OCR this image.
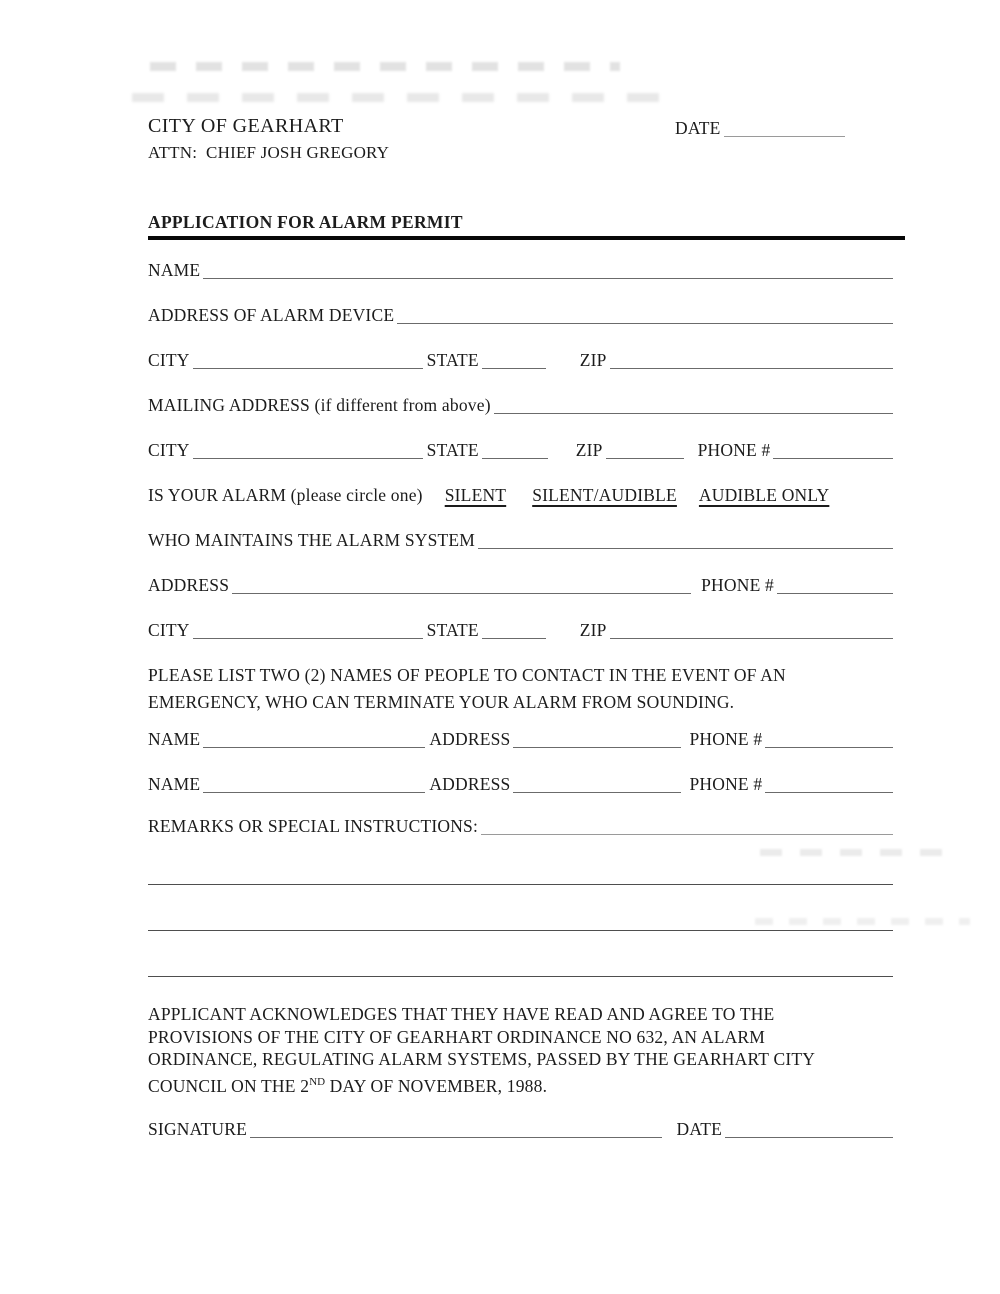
CITY OF GEARHART	DATE
ATTN:  CHIEF JOSH GREGORY
APPLICATION FOR ALARM PERMIT
NAME
ADDRESS OF ALARM DEVICE
CITY	STATE	ZIP
MAILING ADDRESS (if different from above)
CITY	STATE	ZIP	PHONE #
IS YOUR ALARM (please circle one) SILENT SILENT/AUDIBLE AUDIBLE ONLY
WHO MAINTAINS THE ALARM SYSTEM
ADDRESS	PHONE #
CITY	STATE	ZIP
PLEASE LIST TWO (2) NAMES OF PEOPLE TO CONTACT IN THE EVENT OF AN
EMERGENCY, WHO CAN TERMINATE YOUR ALARM FROM SOUNDING.
NAME	ADDRESS	PHONE #
NAME	ADDRESS	PHONE #
REMARKS OR SPECIAL INSTRUCTIONS:
APPLICANT ACKNOWLEDGES THAT THEY HAVE READ AND AGREE TO THE
PROVISIONS OF THE CITY OF GEARHART ORDINANCE NO 632, AN ALARM
ORDINANCE, REGULATING ALARM SYSTEMS, PASSED BY THE GEARHART CITY
COUNCIL ON THE 2ND DAY OF NOVEMBER, 1988.
SIGNATURE	DATE
